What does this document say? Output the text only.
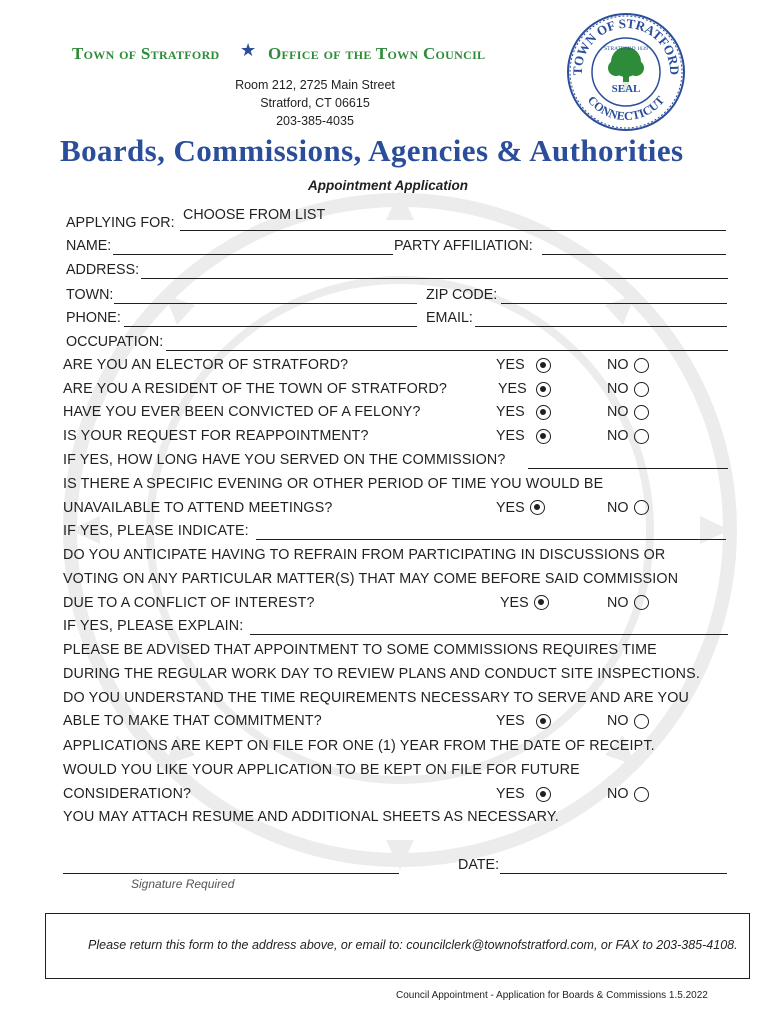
Town of Stratford ★ Office of the Town Council
Room 212, 2725 Main Street
Stratford, CT 06615
203-385-4035
TOWN OF STRATFORD
CONNECTICUT
SEAL
STRATFORD 1639
Boards, Commissions, Agencies & Authorities
Appointment Application
APPLYING FOR: CHOOSE FROM LIST
NAME:	PARTY AFFILIATION:
ADDRESS:
TOWN:	ZIP CODE:
PHONE:	EMAIL:
OCCUPATION:
ARE YOU AN ELECTOR OF STRATFORD?	YES	NO
ARE YOU A RESIDENT OF THE TOWN OF STRATFORD?	YES	NO
HAVE YOU EVER BEEN CONVICTED OF A FELONY?	YES	NO
IS YOUR REQUEST FOR REAPPOINTMENT?	YES	NO
IF YES, HOW LONG HAVE YOU SERVED ON THE COMMISSION?
IS THERE A SPECIFIC EVENING OR OTHER PERIOD OF TIME YOU WOULD BE
UNAVAILABLE TO ATTEND MEETINGS?	YES	NO
IF YES, PLEASE INDICATE:
DO YOU ANTICIPATE HAVING TO REFRAIN FROM PARTICIPATING IN DISCUSSIONS OR
VOTING ON ANY PARTICULAR MATTER(S) THAT MAY COME BEFORE SAID COMMISSION
DUE TO A CONFLICT OF INTEREST?	YES	NO
IF YES, PLEASE EXPLAIN:
PLEASE BE ADVISED THAT APPOINTMENT TO SOME COMMISSIONS REQUIRES TIME
DURING THE REGULAR WORK DAY TO REVIEW PLANS AND CONDUCT SITE INSPECTIONS.
DO YOU UNDERSTAND THE TIME REQUIREMENTS NECESSARY TO SERVE AND ARE YOU
ABLE TO MAKE THAT COMMITMENT?	YES	NO
APPLICATIONS ARE KEPT ON FILE FOR ONE (1) YEAR FROM THE DATE OF RECEIPT.
WOULD YOU LIKE YOUR APPLICATION TO BE KEPT ON FILE FOR FUTURE
CONSIDERATION?	YES	NO
YOU MAY ATTACH RESUME AND ADDITIONAL SHEETS AS NECESSARY.
DATE:
Signature Required
Please return this form to the address above, or email to: councilclerk@townofstratford.com, or FAX to 203-385-4108.
Council Appointment - Application for Boards & Commissions 1.5.2022
